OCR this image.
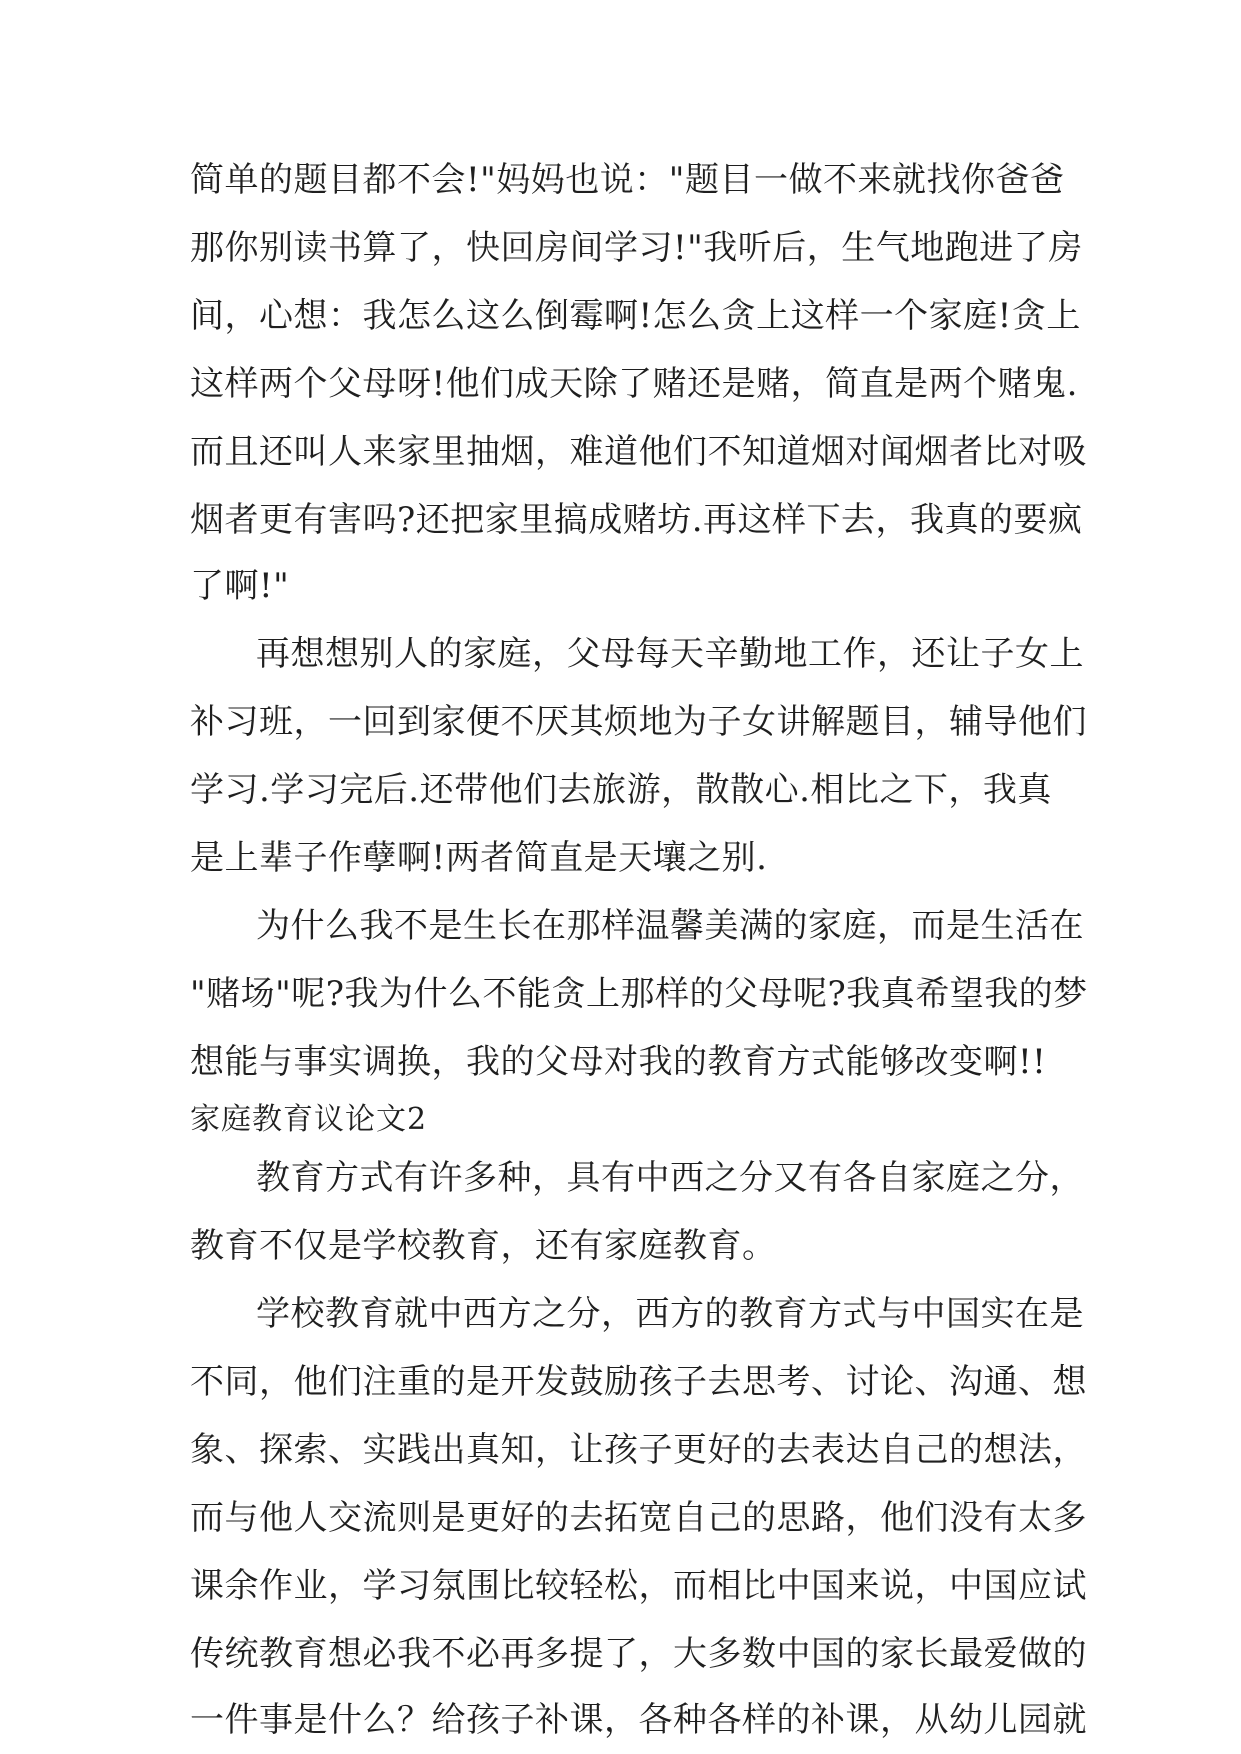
简单的题目都不会!"妈妈也说："题目一做不来就找你爸爸
那你别读书算了，快回房间学习!"我听后，生气地跑进了房
间，心想：我怎么这么倒霉啊!怎么贪上这样一个家庭!贪上
这样两个父母呀!他们成天除了赌还是赌，简直是两个赌鬼.
而且还叫人来家里抽烟，难道他们不知道烟对闻烟者比对吸
烟者更有害吗?还把家里搞成赌坊.再这样下去，我真的要疯
了啊!"
再想想别人的家庭，父母每天辛勤地工作，还让子女上
补习班，一回到家便不厌其烦地为子女讲解题目，辅导他们
学习.学习完后.还带他们去旅游，散散心.相比之下，我真
是上辈子作孽啊!两者简直是天壤之别.
为什么我不是生长在那样温馨美满的家庭，而是生活在
"赌场"呢?我为什么不能贪上那样的父母呢?我真希望我的梦
想能与事实调换，我的父母对我的教育方式能够改变啊!!
家庭教育议论文2
教育方式有许多种，具有中西之分又有各自家庭之分，
教育不仅是学校教育，还有家庭教育。
学校教育就中西方之分，西方的教育方式与中国实在是
不同，他们注重的是开发鼓励孩子去思考、讨论、沟通、想
象、探索、实践出真知，让孩子更好的去表达自己的想法，
而与他人交流则是更好的去拓宽自己的思路，他们没有太多
课余作业，学习氛围比较轻松，而相比中国来说，中国应试
传统教育想必我不必再多提了，大多数中国的家长最爱做的
一件事是什么？给孩子补课，各种各样的补课，从幼儿园就
